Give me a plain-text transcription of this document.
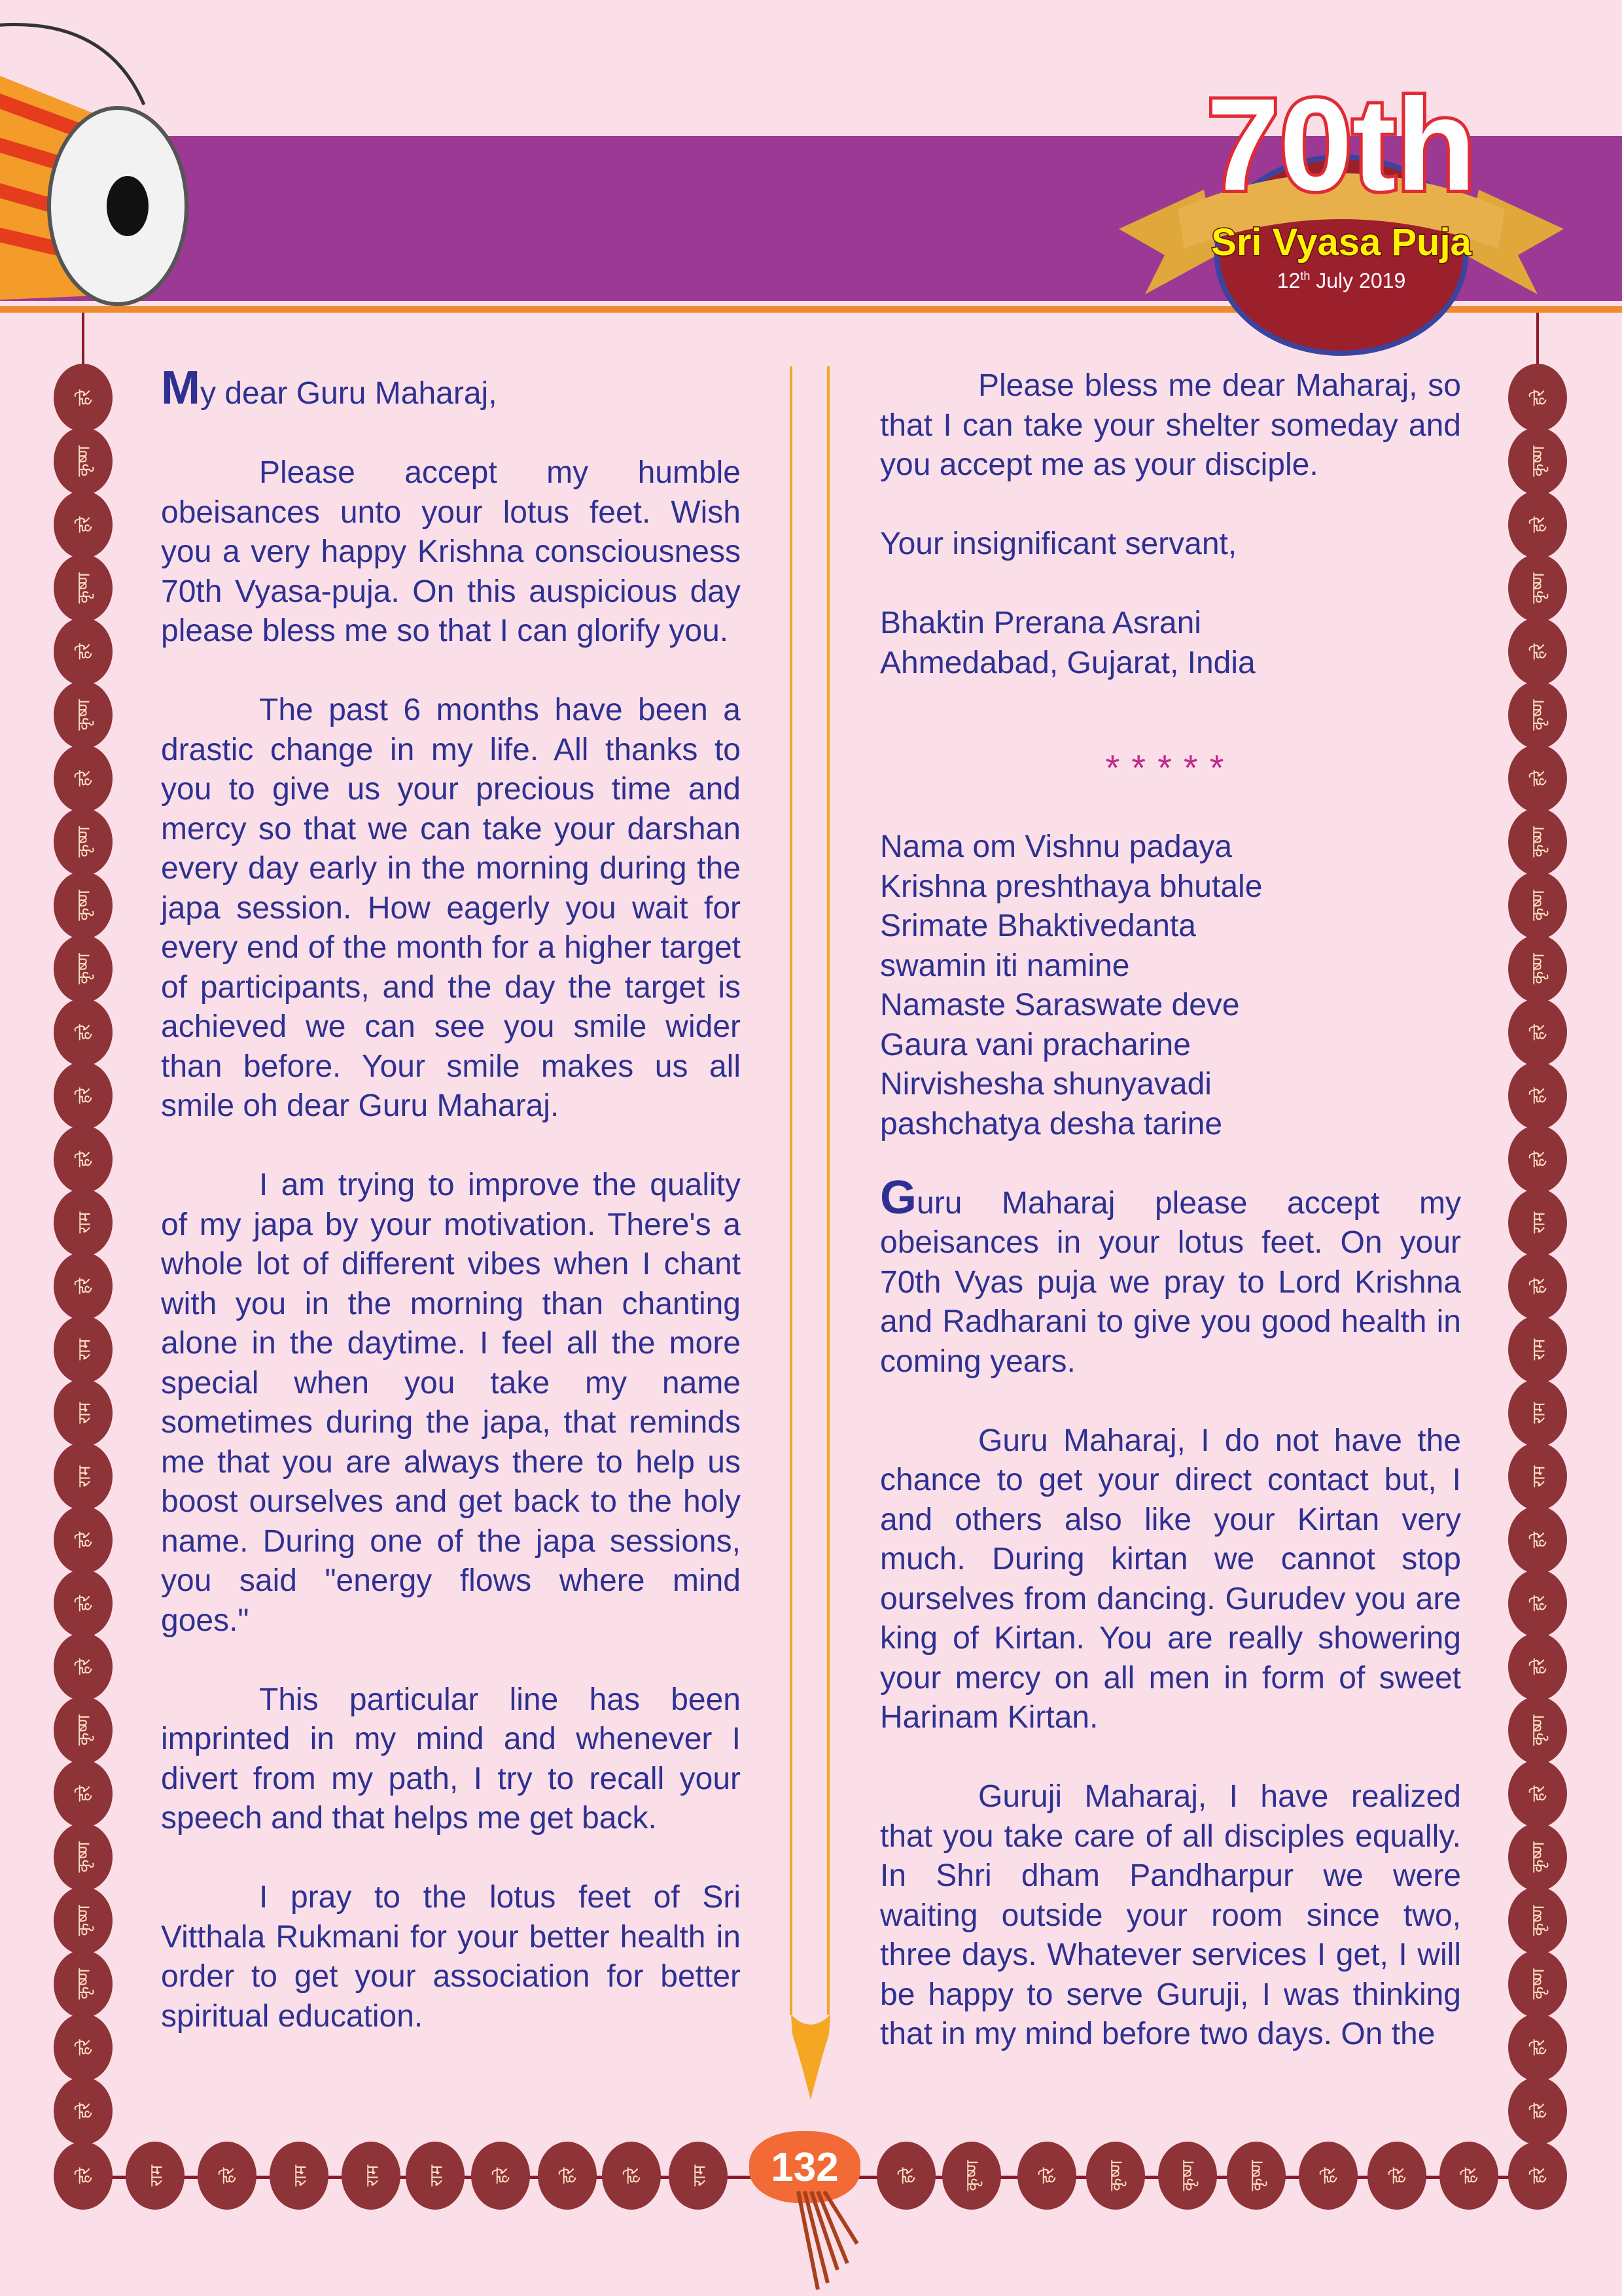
70th
Sri Vyasa Puja
12th July 2019

My dear Guru Maharaj,

Please accept my humble obeisances unto your lotus feet. Wish you a very happy Krishna consciousness 70th Vyasa-puja. On this auspicious day please bless me so that I can glorify you.

The past 6 months have been a drastic change in my life. All thanks to you to give us your precious time and mercy so that we can take your darshan every day early in the morning during the japa session. How eagerly you wait for every end of the month for a higher target of participants, and the day the target is achieved we can see you smile wider than before. Your smile makes us all smile oh dear Guru Maharaj.

I am trying to improve the quality of my japa by your motivation. There's a whole lot of different vibes when I chant with you in the morning than chanting alone in the daytime. I feel all the more special when you take my name sometimes during the japa, that reminds me that you are always there to help us boost ourselves and get back to the holy name. During one of the japa sessions, you said "energy flows where mind goes."

This particular line has been imprinted in my mind and whenever I divert from my path, I try to recall your speech and that helps me get back.

I pray to the lotus feet of Sri Vitthala Rukmani for your better health in order to get your association for better spiritual education.

Please bless me dear Maharaj, so that I can take your shelter someday and you accept me as your disciple.

Your insignificant servant,

Bhaktin Prerana Asrani
Ahmedabad, Gujarat, India

*****

Nama om Vishnu padaya
Krishna preshthaya bhutale
Srimate Bhaktivedanta
swamin iti namine
Namaste Saraswate deve
Gaura vani pracharine
Nirvishesha shunyavadi
pashchatya desha tarine

Guru Maharaj please accept my obeisances in your lotus feet. On your 70th Vyas puja we pray to Lord Krishna and Radharani to give you good health in coming years.

Guru Maharaj, I do not have the chance to get your direct contact but, I and others also like your Kirtan very much. During kirtan we cannot stop ourselves from dancing. Gurudev you are king of Kirtan. You are really showering your mercy on all men in form of sweet Harinam Kirtan.

Guruji Maharaj, I have realized that you take care of all disciples equally. In Shri dham Pandharpur we were waiting outside your room since two, three days. Whatever services I get, I will be happy to serve Guruji, I was thinking that in my mind before two days. On the

हरे
कृष्ण
हरे
कृष्ण
हरे
कृष्ण
हरे
कृष्ण
कृष्ण
कृष्ण
हरे
हरे
हरे
राम
हरे
राम
राम
राम
हरे
हरे
हरे
कृष्ण
हरे
कृष्ण
कृष्ण
कृष्ण
हरे
हरे
हरे
कृष्ण
हरे
कृष्ण
हरे
कृष्ण
हरे
कृष्ण
कृष्ण
कृष्ण
हरे
हरे
हरे
राम
हरे
राम
राम
राम
हरे
हरे
हरे
कृष्ण
हरे
कृष्ण
कृष्ण
कृष्ण
हरे
हरे
हरे	राम	हरे	राम	राम	राम	हरे	हरे	हरे	राम	हरे	कृष्ण	हरे	कृष्ण	कृष्ण	कृष्ण	हरे	हरे	हरे	हरे
132
